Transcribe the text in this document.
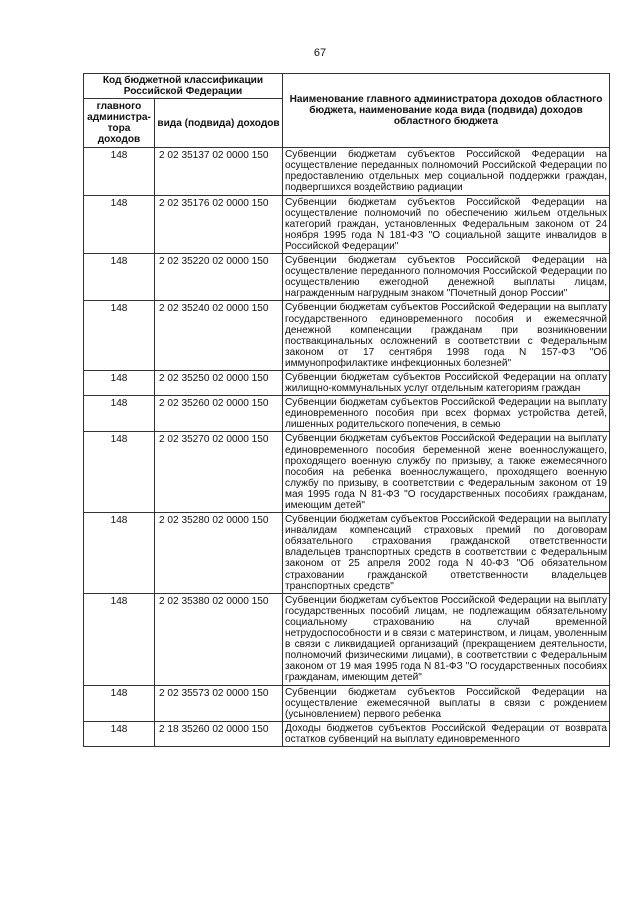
67
Код бюджетной классификации Российской Федерации		Наименование главного администратора доходов областного бюджета, наименование кода вида (подвида) доходов областного бюджета
главного администра-тора доходов	вида (подвида) доходов	
148	2 02 35137 02 0000 150	Субвенции бюджетам субъектов Российской Федерации на осуществление переданных полномочий Российской Федерации по предоставлению отдельных мер социальной поддержки граждан, подвергшихся воздействию радиации
148	2 02 35176 02 0000 150	Субвенции бюджетам субъектов Российской Федерации на осуществление полномочий по обеспечению жильем отдельных категорий граждан, установленных Федеральным законом от 24 ноября 1995 года N 181-ФЗ "О социальной защите инвалидов в Российской Федерации"
148	2 02 35220 02 0000 150	Субвенции бюджетам субъектов Российской Федерации на осуществление переданного полномочия Российской Федерации по осуществлению ежегодной денежной выплаты лицам, награжденным нагрудным знаком "Почетный донор России"
148	2 02 35240 02 0000 150	Субвенции бюджетам субъектов Российской Федерации на выплату государственного единовременного пособия и ежемесячной денежной компенсации гражданам при возникновении поствакцинальных осложнений в соответствии с Федеральным законом от 17 сентября 1998 года N 157-ФЗ "Об иммунопрофилактике инфекционных болезней"
148	2 02 35250 02 0000 150	Субвенции бюджетам субъектов Российской Федерации на оплату жилищно-коммунальных услуг отдельным категориям граждан
148	2 02 35260 02 0000 150	Субвенции бюджетам субъектов Российской Федерации на выплату единовременного пособия при всех формах устройства детей, лишенных родительского попечения, в семью
148	2 02 35270 02 0000 150	Субвенции бюджетам субъектов Российской Федерации на выплату единовременного пособия беременной жене военнослужащего, проходящего военную службу по призыву, а также ежемесячного пособия на ребенка военнослужащего, проходящего военную службу по призыву, в соответствии с Федеральным законом от 19 мая 1995 года N 81-ФЗ "О государственных пособиях гражданам, имеющим детей"
148	2 02 35280 02 0000 150	Субвенции бюджетам субъектов Российской Федерации на выплату инвалидам компенсаций страховых премий по договорам обязательного страхования гражданской ответственности владельцев транспортных средств в соответствии с Федеральным законом от 25 апреля 2002 года N 40-ФЗ "Об обязательном страховании гражданской ответственности владельцев транспортных средств"
148	2 02 35380 02 0000 150	Субвенции бюджетам субъектов Российской Федерации на выплату государственных пособий лицам, не подлежащим обязательному социальному страхованию на случай временной нетрудоспособности и в связи с материнством, и лицам, уволенным в связи с ликвидацией организаций (прекращением деятельности, полномочий физическими лицами), в соответствии с Федеральным законом от 19 мая 1995 года N 81-ФЗ "О государственных пособиях гражданам, имеющим детей"
148	2 02 35573 02 0000 150	Субвенции бюджетам субъектов Российской Федерации на осуществление ежемесячной выплаты в связи с рождением (усыновлением) первого ребенка
148	2 18 35260 02 0000 150	Доходы бюджетов субъектов Российской Федерации от возврата остатков субвенций на выплату единовременного
